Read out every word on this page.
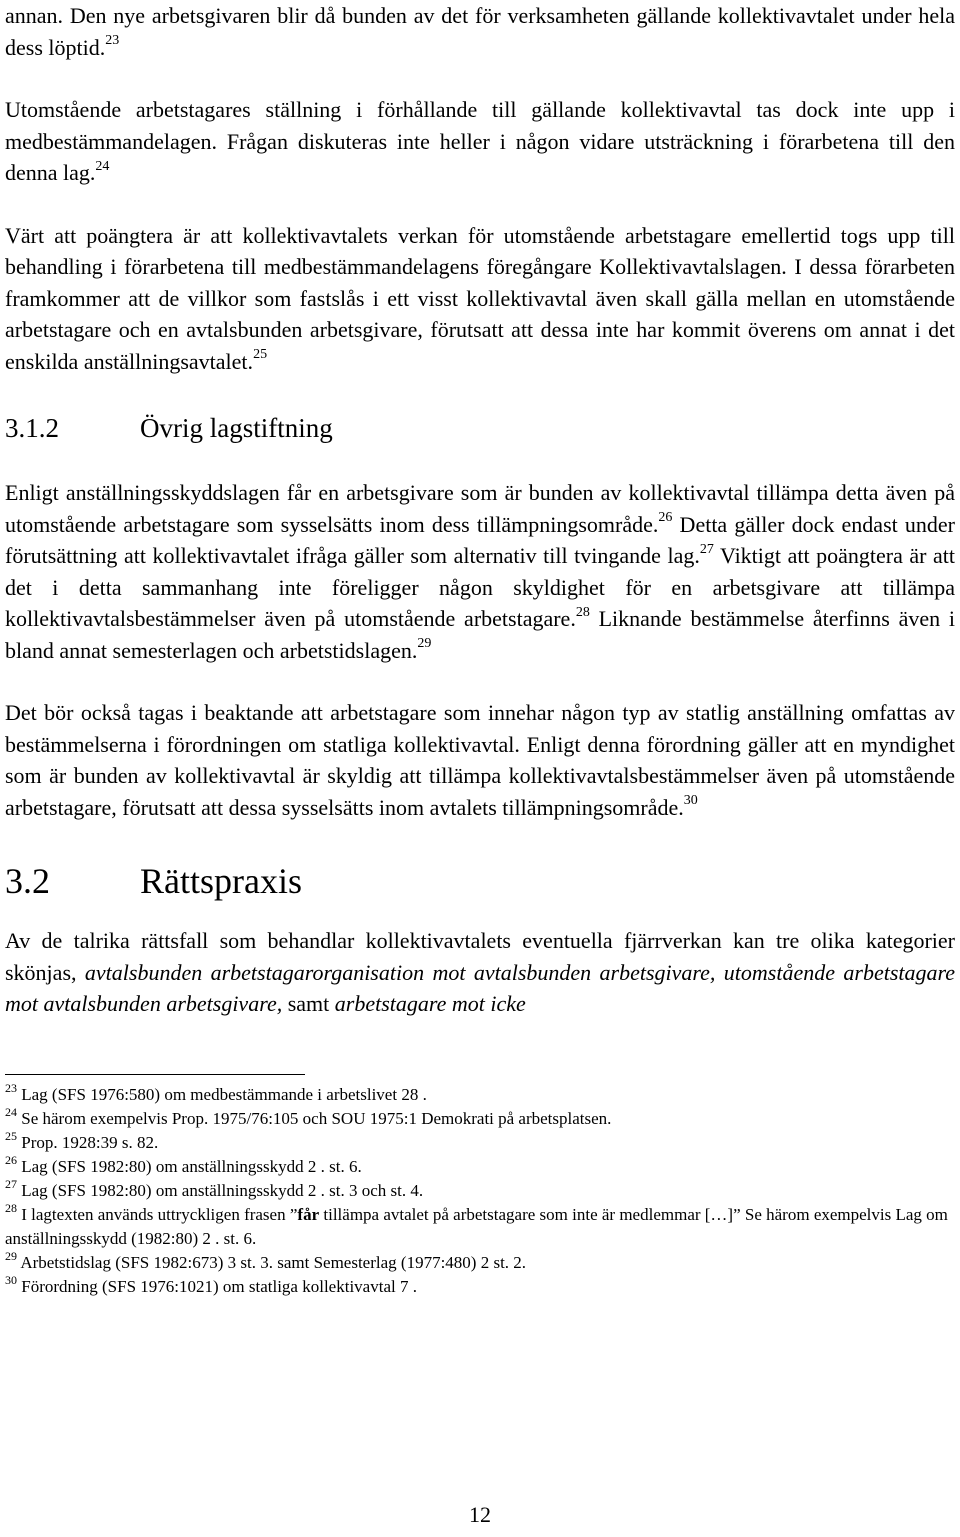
annan. Den nye arbetsgivaren blir då bunden av det för verksamheten gällande kollektivavtalet under hela dess löptid.$^{23}$

Utomstående arbetstagares ställning i förhållande till gällande kollektivavtal tas dock inte upp i medbestämmandelagen. Frågan diskuteras inte heller i någon vidare utsträckning i förarbetena till den denna lag.$^{24}$

Värt att poängtera är att kollektivavtalets verkan för utomstående arbetstagare emellertid togs upp till behandling i förarbetena till medbestämmandelagens föregångare Kollektivavtalslagen. I dessa förarbeten framkommer att de villkor som fastslås i ett visst kollektivavtal även skall gälla mellan en utomstående arbetstagare och en avtalsbunden arbetsgivare, förutsatt att dessa inte har kommit överens om annat i det enskilda anställningsavtalet.$^{25}$

3.1.2	Övrig lagstiftning

Enligt anställningsskyddslagen får en arbetsgivare som är bunden av kollektivavtal tillämpa detta även på utomstående arbetstagare som sysselsätts inom dess tillämpningsområde.$^{26}$ Detta gäller dock endast under förutsättning att kollektivavtalet ifråga gäller som alternativ till tvingande lag.$^{27}$ Viktigt att poängtera är att det i detta sammanhang inte föreligger någon skyldighet för en arbetsgivare att tillämpa kollektivavtalsbestämmelser även på utomstående arbetstagare.$^{28}$ Liknande bestämmelse återfinns även i bland annat semesterlagen och arbetstidslagen.$^{29}$

Det bör också tagas i beaktande att arbetstagare som innehar någon typ av statlig anställning omfattas av bestämmelserna i förordningen om statliga kollektivavtal. Enligt denna förordning gäller att en myndighet som är bunden av kollektivavtal är skyldig att tillämpa kollektivavtalsbestämmelser även på utomstående arbetstagare, förutsatt att dessa sysselsätts inom avtalets tillämpningsområde.$^{30}$

3.2	Rättspraxis

Av de talrika rättsfall som behandlar kollektivavtalets eventuella fjärrverkan kan tre olika kategorier skönjas, avtalsbunden arbetstagarorganisation mot avtalsbunden arbetsgivare, utomstående arbetstagare mot avtalsbunden arbetsgivare, samt arbetstagare mot icke

$^{23}$ Lag (SFS 1976:580) om medbestämmande i arbetslivet 28 .
$^{24}$ Se härom exempelvis Prop. 1975/76:105 och SOU 1975:1 Demokrati på arbetsplatsen.
$^{25}$ Prop. 1928:39 s. 82.
$^{26}$ Lag (SFS 1982:80) om anställningsskydd 2 . st. 6.
$^{27}$ Lag (SFS 1982:80) om anställningsskydd 2 . st. 3 och st. 4.
$^{28}$ I lagtexten används uttryckligen frasen ”får tillämpa avtalet på arbetstagare som inte är medlemmar […]” Se härom exempelvis Lag om anställningsskydd (1982:80) 2 . st. 6.
$^{29}$ Arbetstidslag (SFS 1982:673) 3 st. 3. samt Semesterlag (1977:480) 2 st. 2.
$^{30}$ Förordning (SFS 1976:1021) om statliga kollektivavtal 7 .
12
